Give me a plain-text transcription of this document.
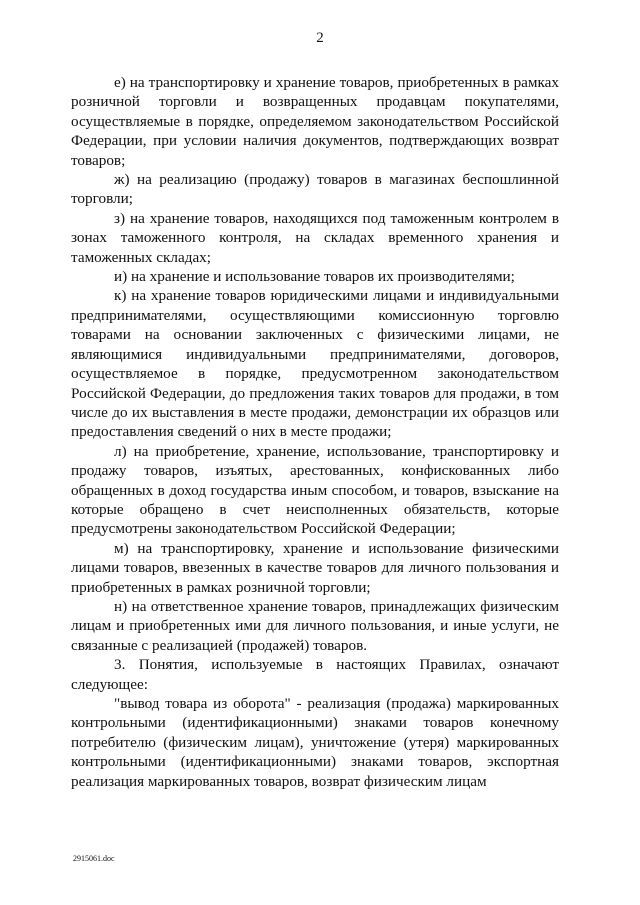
2

е) на транспортировку и хранение товаров, приобретенных в рамках розничной торговли и возвращенных продавцам покупателями, осуществляемые в порядке, определяемом законодательством Российской Федерации, при условии наличия документов, подтверждающих возврат товаров;

ж) на реализацию (продажу) товаров в магазинах беспошлинной торговли;

з) на хранение товаров, находящихся под таможенным контролем в зонах таможенного контроля, на складах временного хранения и таможенных складах;

и) на хранение и использование товаров их производителями;

к) на хранение товаров юридическими лицами и индивидуальными предпринимателями, осуществляющими комиссионную торговлю товарами на основании заключенных с физическими лицами, не являющимися индивидуальными предпринимателями, договоров, осуществляемое в порядке, предусмотренном законодательством Российской Федерации, до предложения таких товаров для продажи, в том числе до их выставления в месте продажи, демонстрации их образцов или предоставления сведений о них в месте продажи;

л) на приобретение, хранение, использование, транспортировку и продажу товаров, изъятых, арестованных, конфискованных либо обращенных в доход государства иным способом, и товаров, взыскание на которые обращено в счет неисполненных обязательств, которые предусмотрены законодательством Российской Федерации;

м) на транспортировку, хранение и использование физическими лицами товаров, ввезенных в качестве товаров для личного пользования и приобретенных в рамках розничной торговли;

н) на ответственное хранение товаров, принадлежащих физическим лицам и приобретенных ими для личного пользования, и иные услуги, не связанные с реализацией (продажей) товаров.

3. Понятия, используемые в настоящих Правилах, означают следующее:

"вывод товара из оборота" - реализация (продажа) маркированных контрольными (идентификационными) знаками товаров конечному потребителю (физическим лицам), уничтожение (утеря) маркированных контрольными (идентификационными) знаками товаров, экспортная реализация маркированных товаров, возврат физическим лицам

2915061.doc
